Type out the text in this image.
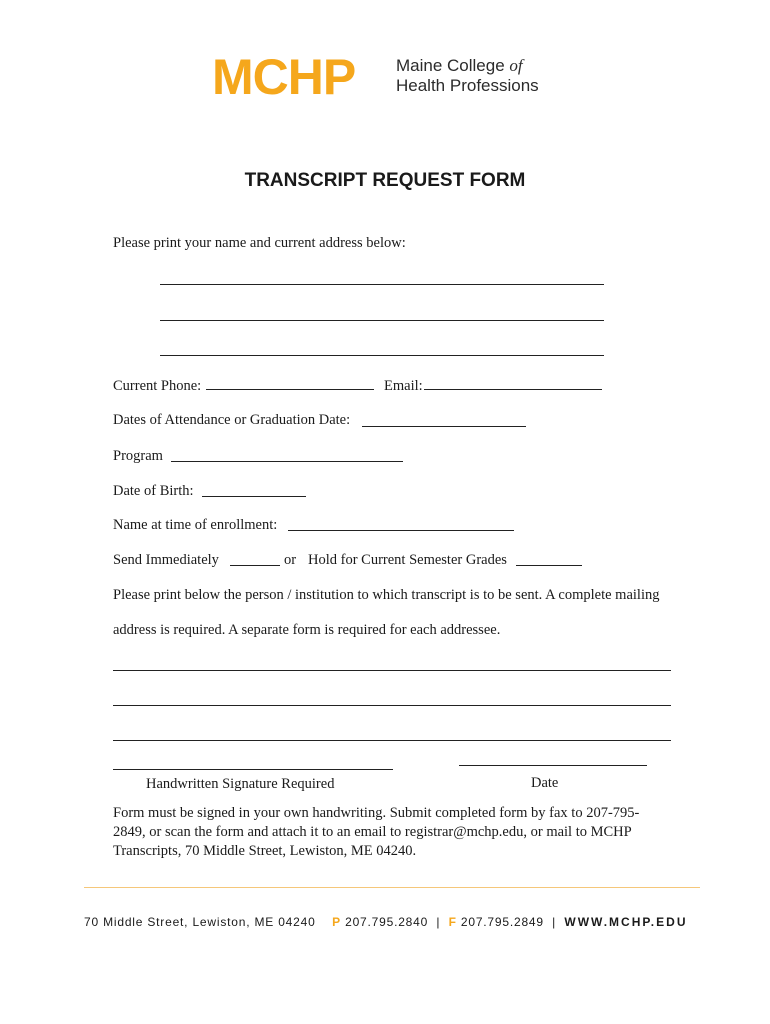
MCHP Maine College of
Health Professions
TRANSCRIPT REQUEST FORM
Please print your name and current address below:
Current Phone:	Email:
Dates of Attendance or Graduation Date:
Program
Date of Birth:
Name at time of enrollment:
Send Immediately	or Hold for Current Semester Grades
Please print below the person / institution to which transcript is to be sent. A complete mailing
address is required. A separate form is required for each addressee.
Handwritten Signature Required	Date
Form must be signed in your own handwriting. Submit completed form by fax to 207-795-2849, or scan the form and attach it to an email to registrar@mchp.edu, or mail to MCHP Transcripts, 70 Middle Street, Lewiston, ME 04240.
70 Middle Street, Lewiston, ME 04240 P 207.795.2840 | F 207.795.2849 | WWW.MCHP.EDU
